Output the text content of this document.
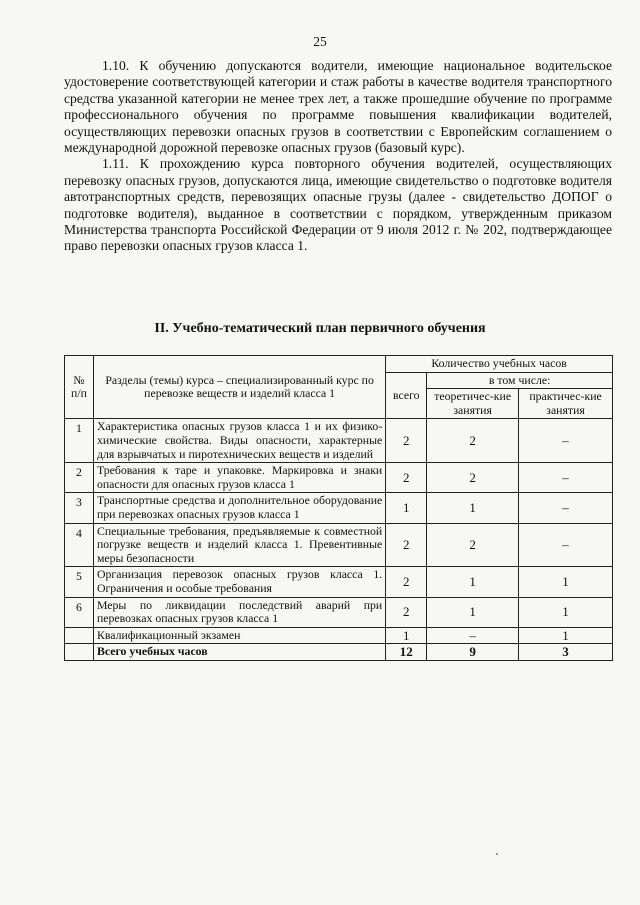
25

1.10. К обучению допускаются водители, имеющие национальное водительское удостоверение соответствующей категории и стаж работы в качестве водителя транспортного средства указанной категории не менее трех лет, а также прошедшие обучение по программе профессионального обучения по программе повышения квалификации водителей, осуществляющих перевозки опасных грузов в соответствии с Европейским соглашением о международной дорожной перевозке опасных грузов (базовый курс).

1.11. К прохождению курса повторного обучения водителей, осуществляющих перевозку опасных грузов, допускаются лица, имеющие свидетельство о подготовке водителя автотранспортных средств, перевозящих опасные грузы (далее - свидетельство ДОПОГ о подготовке водителя), выданное в соответствии с порядком, утвержденным приказом Министерства транспорта Российской Федерации от 9 июля 2012 г. № 202, подтверждающее право перевозки опасных грузов класса 1.

II. Учебно-тематический план первичного обучения
№ п/п	Разделы (темы) курса – специализированный курс по перевозке веществ и изделий класса 1	Количество учебных часов		
		всего	в том числе:	
			теоретичес-кие занятия	практичес-кие занятия
1	Характеристика опасных грузов класса 1 и их физико-химические свойства. Виды опасности, характерные для взрывчатых и пиротехнических веществ и изделий	2	2	–
2	Требования к таре и упаковке. Маркировка и знаки опасности для опасных грузов класса 1	2	2	–
3	Транспортные средства и дополнительное оборудование при перевозках опасных грузов класса 1	1	1	–
4	Специальные требования, предъявляемые к совместной погрузке веществ и изделий класса 1. Превентивные меры безопасности	2	2	–
5	Организация перевозок опасных грузов класса 1. Ограничения и особые требования	2	1	1
6	Меры по ликвидации последствий аварий при перевозках опасных грузов класса 1	2	1	1
	Квалификационный экзамен	1	–	1
	Всего учебных часов	12	9	3
